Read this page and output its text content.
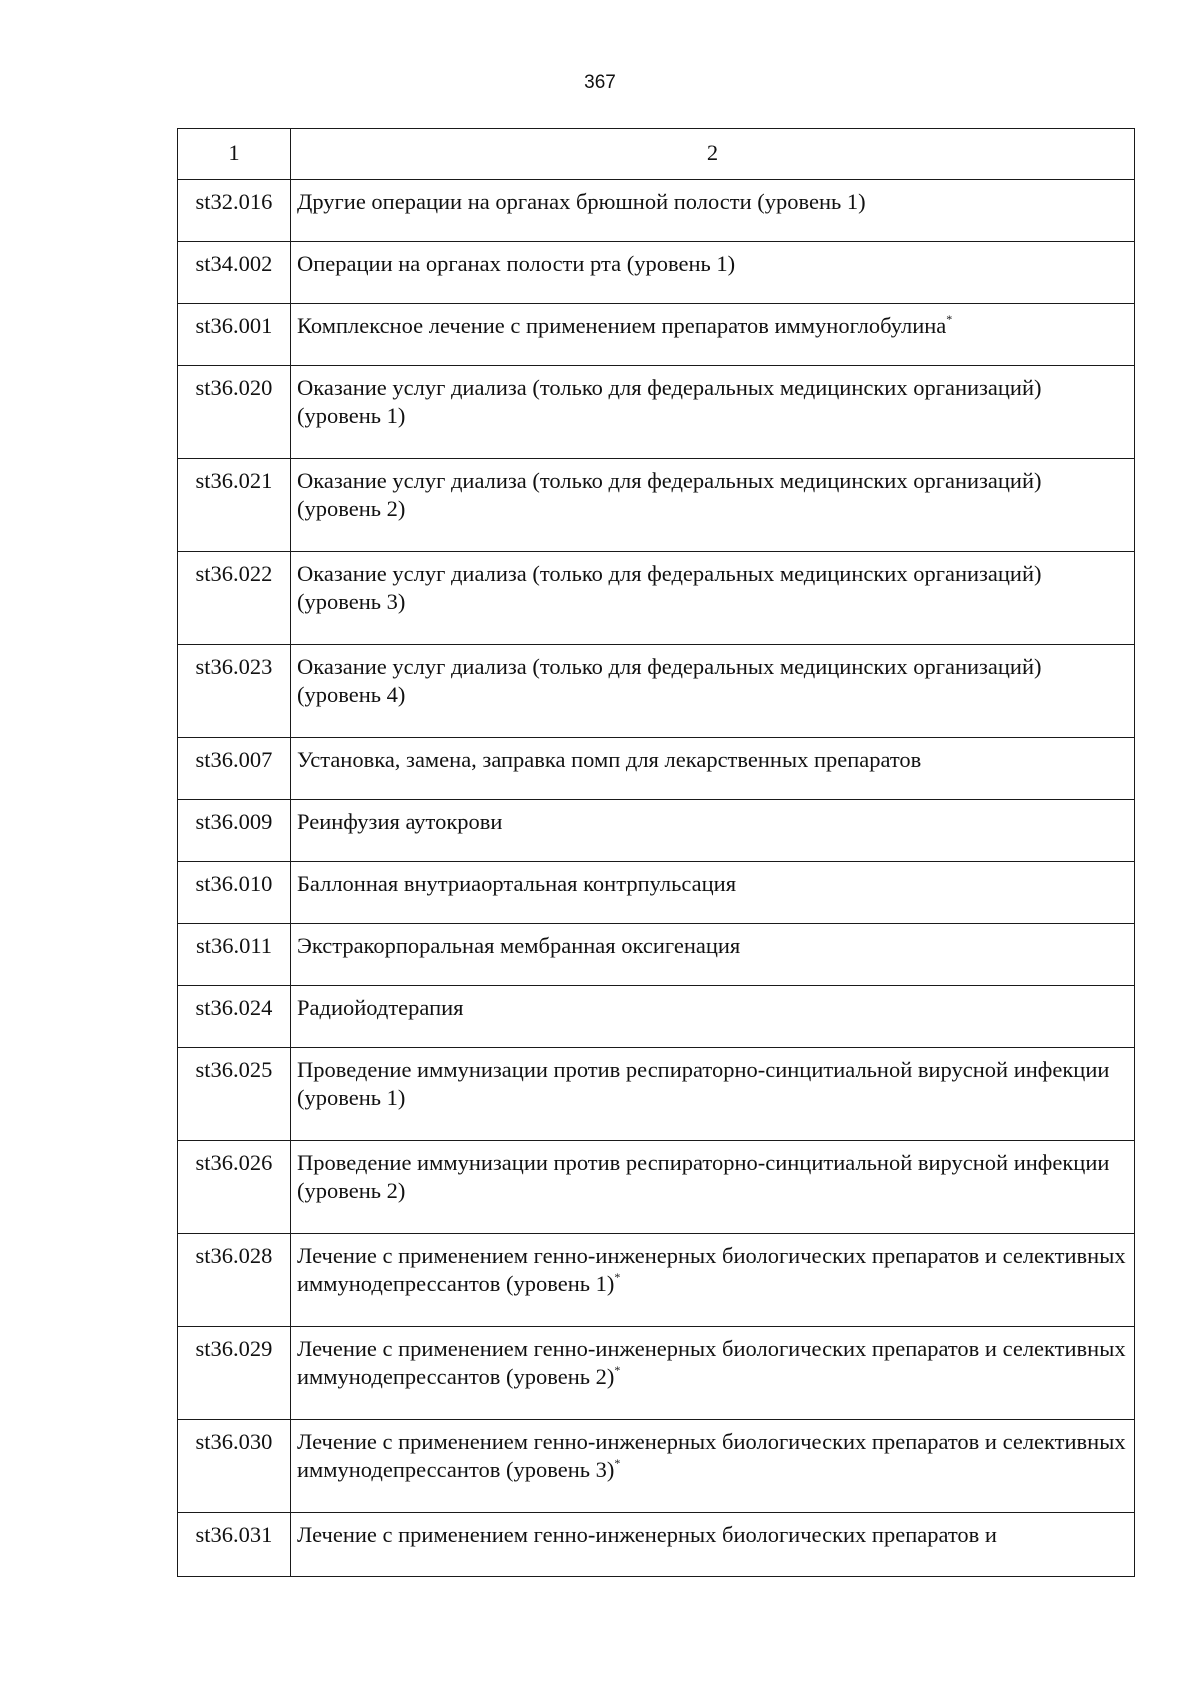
367
1	2
st32.016	Другие операции на органах брюшной полости (уровень 1)
st34.002	Операции на органах полости рта (уровень 1)
st36.001	Комплексное лечение с применением препаратов иммуноглобулина*
st36.020	Оказание услуг диализа (только для федеральных медицинских организаций) (уровень 1)
st36.021	Оказание услуг диализа (только для федеральных медицинских организаций) (уровень 2)
st36.022	Оказание услуг диализа (только для федеральных медицинских организаций) (уровень 3)
st36.023	Оказание услуг диализа (только для федеральных медицинских организаций) (уровень 4)
st36.007	Установка, замена, заправка помп для лекарственных препаратов
st36.009	Реинфузия аутокрови
st36.010	Баллонная внутриаортальная контрпульсация
st36.011	Экстракорпоральная мембранная оксигенация
st36.024	Радиойодтерапия
st36.025	Проведение иммунизации против респираторно-синцитиальной вирусной инфекции (уровень 1)
st36.026	Проведение иммунизации против респираторно-синцитиальной вирусной инфекции (уровень 2)
st36.028	Лечение с применением генно-инженерных биологических препаратов и селективных иммунодепрессантов (уровень 1)*
st36.029	Лечение с применением генно-инженерных биологических препаратов и селективных иммунодепрессантов (уровень 2)*
st36.030	Лечение с применением генно-инженерных биологических препаратов и селективных иммунодепрессантов (уровень 3)*
st36.031	Лечение с применением генно-инженерных биологических препаратов и
